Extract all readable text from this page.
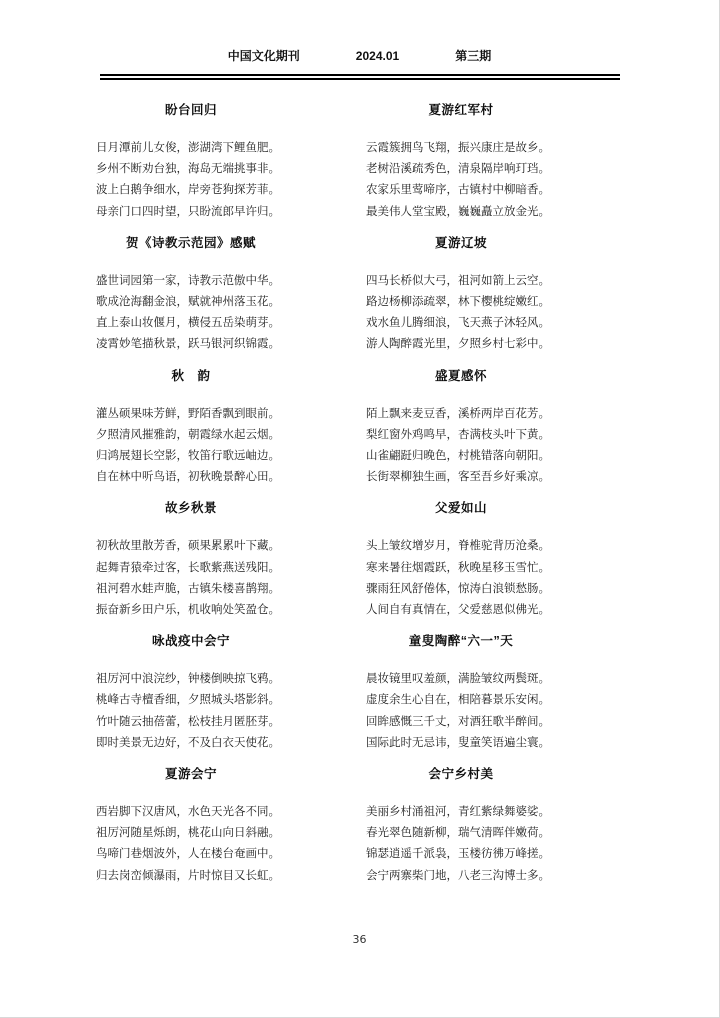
中国文化期刊	2024.01	第三期
盼台回归
日月潭前儿女俊，澎湖湾下鲤鱼肥。
乡州不断劝台独，海岛无端挑事非。
波上白鹅争细水，岸旁苍狗探芳菲。
母亲门口四时望，只盼流郎早许归。
贺《诗教示范园》感赋
盛世词园第一家，诗教示范傲中华。
歌成沧海翻金浪，赋就神州落玉花。
直上泰山妆偃月，横侵五岳染萌芽。
凌霄妙笔描秋景，跃马银河织锦霞。
秋　韵
灌丛硕果味芳鲜，野陌香飘到眼前。
夕照清风摧雅韵，朝霞绿水起云烟。
归鸿展翅长空影，牧笛行歌远岫边。
自在林中听鸟语，初秋晚景醉心田。
故乡秋景
初秋故里散芳香，硕果累累叶下藏。
起舞青猿牵过客，长歌紫燕送残阳。
祖河碧水蛙声脆，古镇朱楼喜鹊翔。
振奋新乡田户乐，机收响处笑盈仓。
咏战疫中会宁
祖厉河中浪浣纱，钟楼倒映掠飞鸦。
桃峰古寺檀香细，夕照城头塔影斜。
竹叶随云抽蓓蕾，松枝挂月匿胚芽。
即时美景无边好，不及白衣天使花。
夏游会宁
西岩脚下汉唐风，水色天光各不同。
祖厉河随星烁朗，桃花山向日斜融。
鸟啼门巷烟波外，人在楼台奄画中。
归去岗峦倾瀑雨，片时惊目又长虹。
夏游红军村
云霞簇拥鸟飞翔，振兴康庄是故乡。
老树沿溪疏秀色，清泉隔岸响玎珰。
农家乐里莺啼序，古镇村中柳暗香。
最美伟人堂宝殿，巍巍矗立放金光。
夏游辽坡
四马长桥似大弓，祖河如箭上云空。
路边杨柳添疏翠，林下樱桃绽嫩红。
戏水鱼儿腾细浪，飞天燕子沐轻风。
游人陶醉霞光里，夕照乡村七彩中。
盛夏感怀
陌上飘来麦豆香，溪桥两岸百花芳。
梨红窗外鸡鸣早，杏满枝头叶下黄。
山雀翩跹归晚色，村桃错落向朝阳。
长街翠柳独生画，客至吾乡好乘凉。
父爱如山
头上皱纹增岁月，脊椎驼背历沧桑。
寒来暑往烟霞跃，秋晚星移玉雪忙。
骤雨狂风舒倦体，惊涛白浪锁愁肠。
人间自有真情在，父爱慈恩似佛光。
童叟陶醉“六一”天
晨妆镜里叹羞颜，满脸皱纹两鬓斑。
虚度余生心自在，相陪暮景乐安闲。
回眸感慨三千丈，对酒狂歌半醉间。
国际此时无忌讳，叟童笑语遍尘寰。
会宁乡村美
美丽乡村涌祖河，青红紫绿舞婆娑。
春光翠色随新柳，瑞气清晖伴嫩荷。
锦瑟逍遥千派袅，玉楼彷彿万峰搓。
会宁两寨柴门地，八老三沟博士多。
36
